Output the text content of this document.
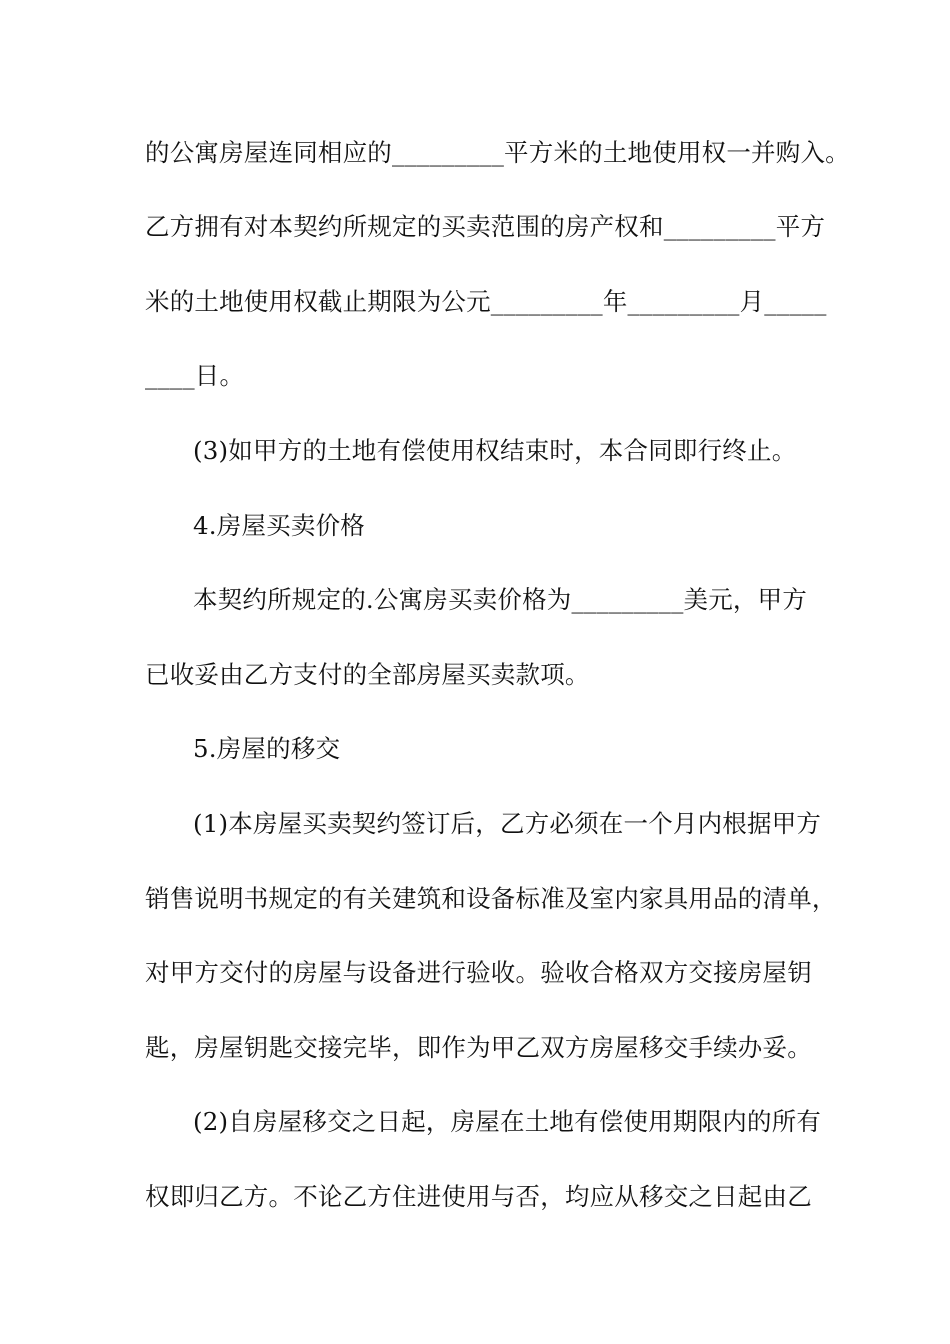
的公寓房屋连同相应的_________平方米的土地使用权一并购入。
乙方拥有对本契约所规定的买卖范围的房产权和_________平方
米的土地使用权截止期限为公元_________年_________月_____
____日。
(3)如甲方的土地有偿使用权结束时，本合同即行终止。
4.房屋买卖价格
本契约所规定的.公寓房买卖价格为_________美元，甲方
已收妥由乙方支付的全部房屋买卖款项。
5.房屋的移交
(1)本房屋买卖契约签订后，乙方必须在一个月内根据甲方
销售说明书规定的有关建筑和设备标准及室内家具用品的清单，
对甲方交付的房屋与设备进行验收。验收合格双方交接房屋钥
匙，房屋钥匙交接完毕，即作为甲乙双方房屋移交手续办妥。
(2)自房屋移交之日起，房屋在土地有偿使用期限内的所有
权即归乙方。不论乙方住进使用与否，均应从移交之日起由乙
